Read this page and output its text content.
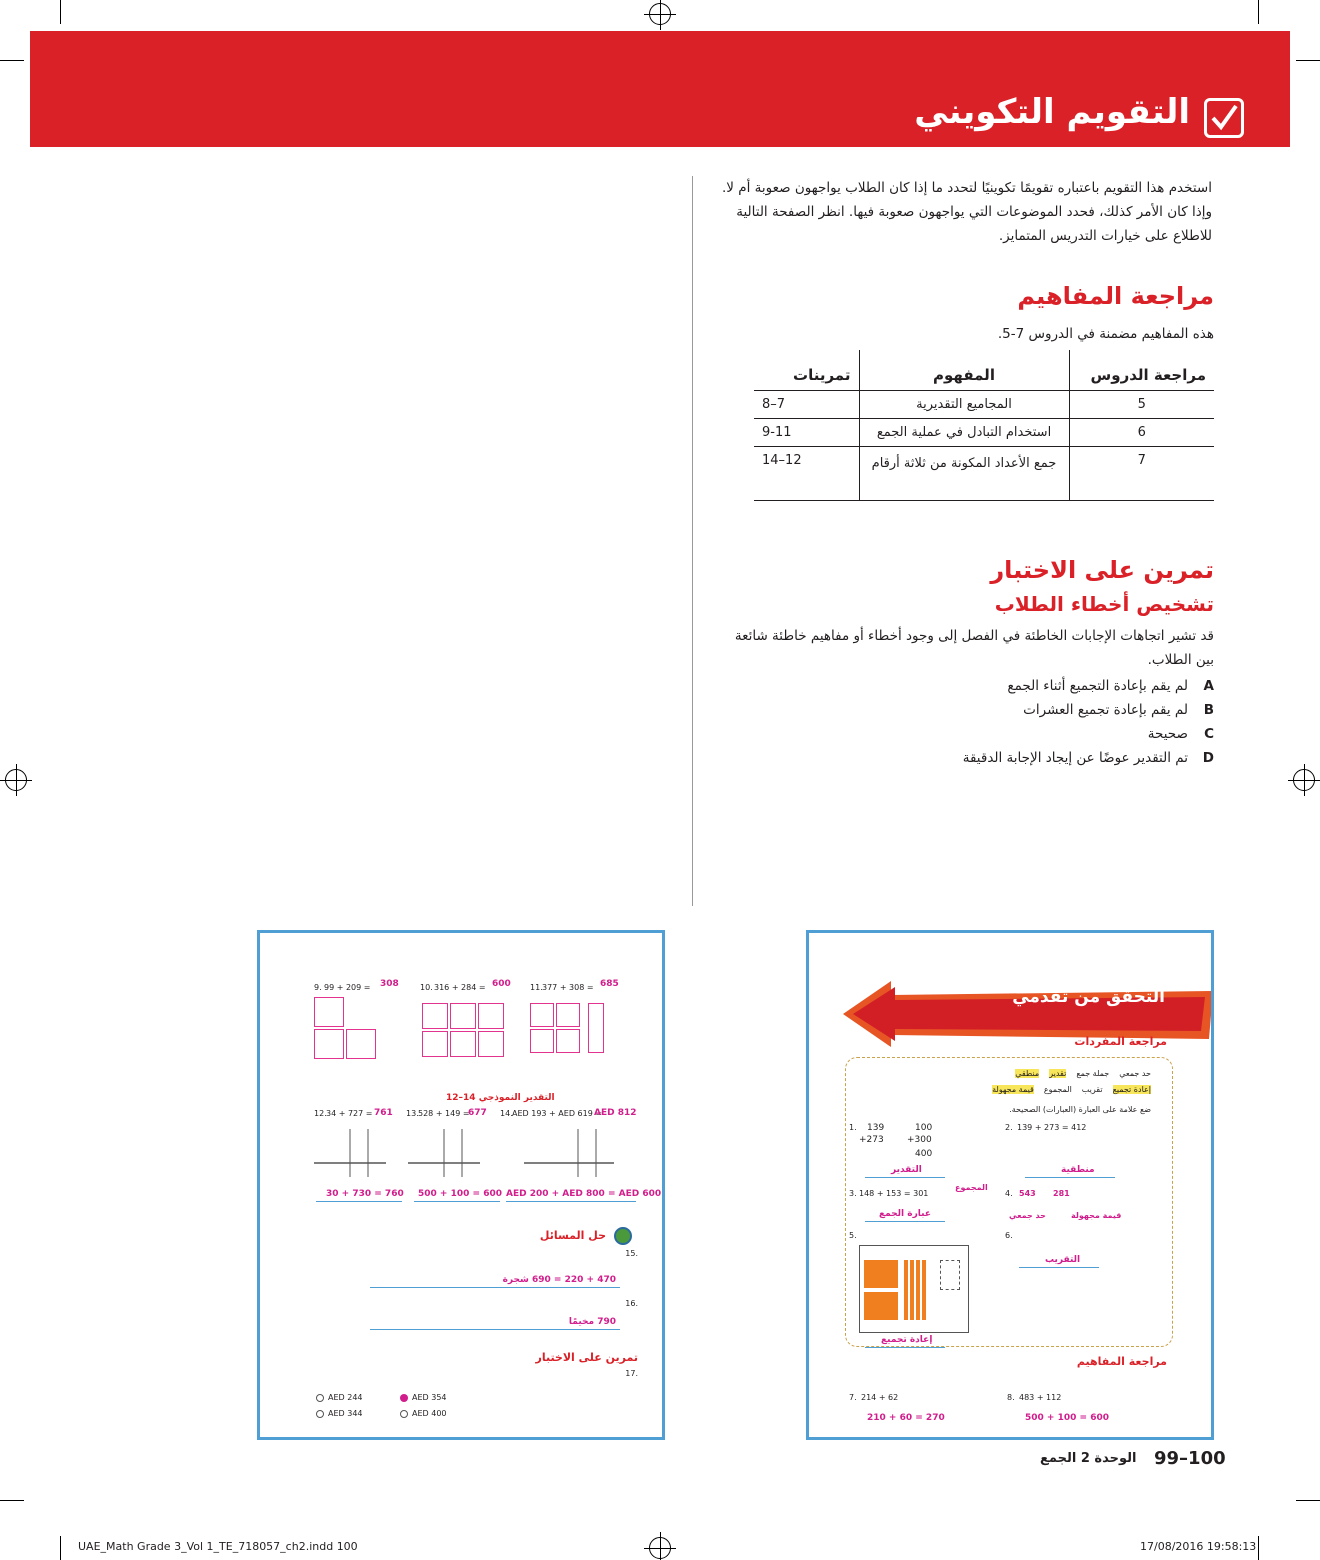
التقويم التكويني
استخدم هذا التقويم باعتباره تقويمًا تكوينيًا لتحدد ما إذا كان الطلاب يواجهون صعوبة أم لا. وإذا كان الأمر كذلك، فحدد الموضوعات التي يواجهون صعوبة فيها. انظر الصفحة التالية للاطلاع على خيارات التدريس المتمايز.
مراجعة المفاهيم
هذه المفاهيم مضمنة في الدروس 7-5.
مراجعة الدروس	المفهوم	تمرينات
5	المجاميع التقديرية	7–8
6	استخدام التبادل في عملية الجمع	9-11
7	جمع الأعداد المكونة من ثلاثة أرقام	12–14
تمرين على الاختبار
تشخيص أخطاء الطلاب
قد تشير اتجاهات الإجابات الخاطئة في الفصل إلى وجود أخطاء أو مفاهيم خاطئة شائعة بين الطلاب.
A
لم يقم بإعادة التجميع أثناء الجمع
B
لم يقم بإعادة تجميع العشرات
C
صحيحة
D
تم التقدير عوضًا عن إيجاد الإجابة الدقيقة
التحقق من تقدمي
مراجعة المفردات
حد جمعي
جملة جمع
تقدير
منطقي
إعادة تجميع
تقريب
المجموع
قيمة مجهولة
ضع علامة على العبارة (العبارات) الصحيحة.
1. 139
+273
100
+300
400
التقدير
2. 139 + 273 = 412
منطقية
3. 148 + 153 = 301
المجموع
عبارة الجمع
4. 543 281
حد جمعي	قيمة مجهولة
5.
إعادة تجميع
6.
التقريب
مراجعة المفاهيم
7. 214 + 62
210 + 60 = 270
8. 483 + 112
500 + 100 = 600
9. 99 + 209 = 308	10. 316 + 284 = 600 11. 377 + 308 = 685
التقدير النموذجي 14–12
12. 34 + 727 = 761 13. 528 + 149 =
677 14. AED 193 + AED 619 =
AED 812
30 + 730 = 760 500 + 100 = 600 AED 200 + AED 800 = AED 600
حل المسائل
15.
470 + 220 = 690 شجرة
16.
790 مخيمًا
تمرين على الاختبار
17.
AED 244	AED 354
AED 344	AED 400
99–100
الوحدة 2 الجمع
UAE_Math Grade 3_Vol 1_TE_718057_ch2.indd 100	17/08/2016 19:58:13
